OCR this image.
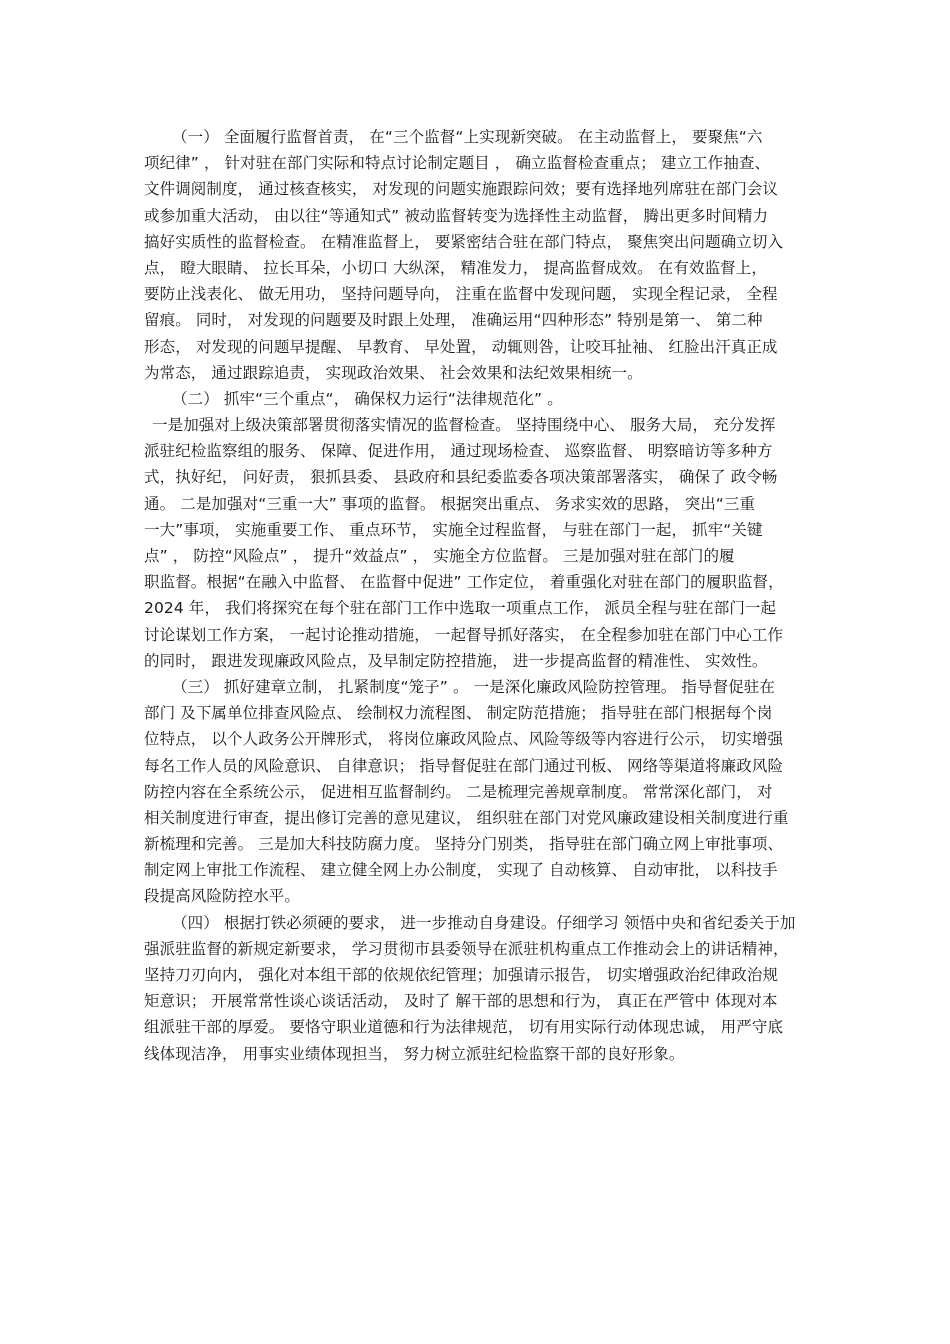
（一） 全面履行监督首责， 在“三个监督“上实现新突破。 在主动监督上， 要聚焦“六
项纪律” ， 针对驻在部门实际和特点讨论制定题目 ， 确立监督检查重点； 建立工作抽查、
文件调阅制度， 通过核查核实， 对发现的问题实施跟踪问效；要有选择地列席驻在部门会议
或参加重大活动， 由以往“等通知式” 被动监督转变为选择性主动监督， 腾出更多时间精力
搞好实质性的监督检查。 在精准监督上， 要紧密结合驻在部门特点， 聚焦突出问题确立切入
点， 瞪大眼睛、 拉长耳朵，小切口 大纵深， 精准发力， 提高监督成效。 在有效监督上，
要防止浅表化、 做无用功， 坚持问题导向， 注重在监督中发现问题， 实现全程记录， 全程
留痕。 同时， 对发现的问题要及时跟上处理， 准确运用“四种形态” 特别是第一、 第二种
形态， 对发现的问题早提醒、 早教育、 早处置， 动辄则咎，让咬耳扯袖、 红脸出汗真正成
为常态， 通过跟踪追责， 实现政治效果、 社会效果和法纪效果相统一。
（二） 抓牢“三个重点“， 确保权力运行“法律规范化” 。
一是加强对上级决策部署贯彻落实情况的监督检查。 坚持围绕中心、 服务大局， 充分发挥
派驻纪检监察组的服务、 保障、促进作用， 通过现场检查、 巡察监督、 明察暗访等多种方
式，执好纪， 问好责， 狠抓县委、 县政府和县纪委监委各项决策部署落实， 确保了 政令畅
通。 二是加强对“三重一大” 事项的监督。 根据突出重点、 务求实效的思路， 突出“三重
一大”事项， 实施重要工作、 重点环节， 实施全过程监督， 与驻在部门一起， 抓牢“关键
点” ， 防控“风险点” ， 提升“效益点” ， 实施全方位监督。 三是加强对驻在部门的履
职监督。根据“在融入中监督、 在监督中促进” 工作定位， 着重强化对驻在部门的履职监督，
2024 年， 我们将探究在每个驻在部门工作中选取一项重点工作， 派员全程与驻在部门一起
讨论谋划工作方案， 一起讨论推动措施， 一起督导抓好落实， 在全程参加驻在部门中心工作
的同时， 跟进发现廉政风险点，及早制定防控措施， 进一步提高监督的精准性、 实效性。
（三） 抓好建章立制， 扎紧制度“笼子” 。 一是深化廉政风险防控管理。 指导督促驻在
部门 及下属单位排查风险点、 绘制权力流程图、 制定防范措施； 指导驻在部门根据每个岗
位特点， 以个人政务公开牌形式， 将岗位廉政风险点、风险等级等内容进行公示， 切实增强
每名工作人员的风险意识、 自律意识； 指导督促驻在部门通过刊板、 网络等渠道将廉政风险
防控内容在全系统公示， 促进相互监督制约。 二是梳理完善规章制度。 常常深化部门， 对
相关制度进行审查，提出修订完善的意见建议， 组织驻在部门对党风廉政建设相关制度进行重
新梳理和完善。 三是加大科技防腐力度。 坚持分门别类， 指导驻在部门确立网上审批事项、
制定网上审批工作流程、 建立健全网上办公制度， 实现了 自动核算、 自动审批， 以科技手
段提高风险防控水平。
（四） 根据打铁必须硬的要求， 进一步推动自身建设。仔细学习 领悟中央和省纪委关于加
强派驻监督的新规定新要求， 学习贯彻市县委领导在派驻机构重点工作推动会上的讲话精神，
坚持刀刃向内， 强化对本组干部的依规依纪管理；加强请示报告， 切实增强政治纪律政治规
矩意识； 开展常常性谈心谈话活动， 及时了 解干部的思想和行为， 真正在严管中 体现对本
组派驻干部的厚爱。 要恪守职业道德和行为法律规范， 切有用实际行动体现忠诚， 用严守底
线体现洁净， 用事实业绩体现担当， 努力树立派驻纪检监察干部的良好形象。
